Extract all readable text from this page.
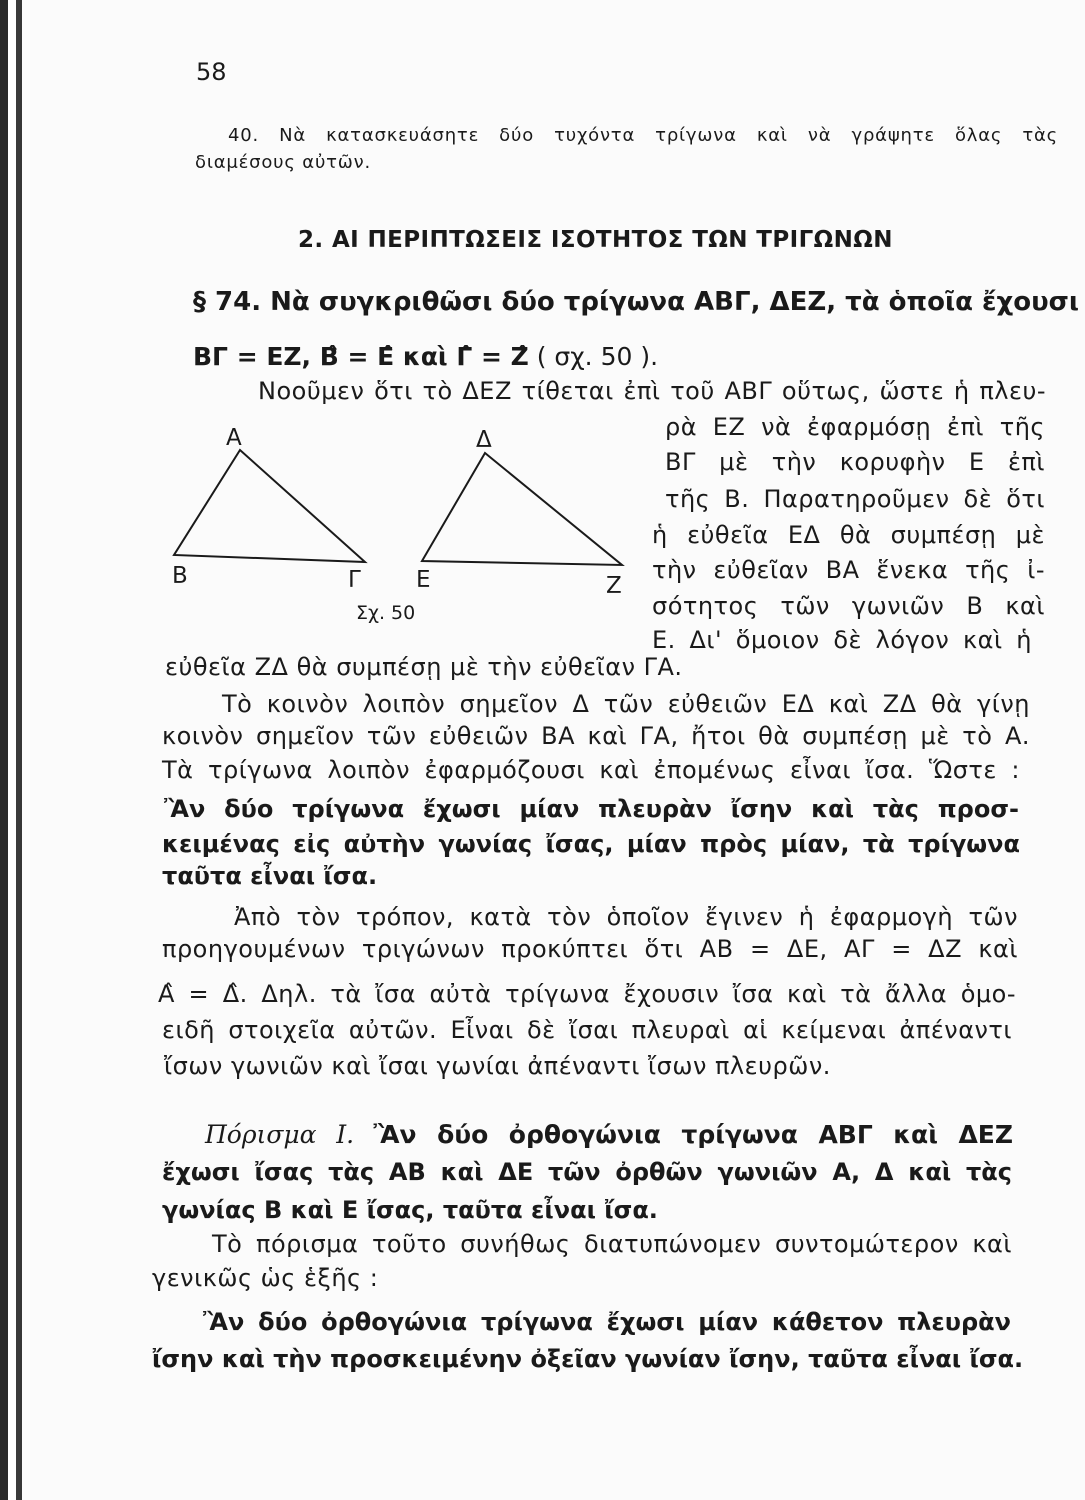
58
40. Νὰ κατασκευάσητε δύο τυχόντα τρίγωνα καὶ νὰ γράψητε ὅλας τὰς
διαμέσους αὐτῶν.
2. ΑΙ ΠΕΡΙΠΤΩΣΕΙΣ ΙΣΟΤΗΤΟΣ ΤΩΝ ΤΡΙΓΩΝΩΝ
§ 74. Νὰ συγκριθῶσι δύο τρίγωνα ΑΒΓ, ΔΕΖ, τὰ ὁποῖα ἔχουσι
ΒΓ = ΕΖ, Β̂ = Ε̂ καὶ Γ̂ = Ζ̂ ( σχ. 50 ).
Νοοῦμεν ὅτι τὸ ΔΕΖ τίθεται ἐπὶ τοῦ ΑΒΓ οὕτως, ὥστε ἡ πλευ-
ρὰ ΕΖ νὰ ἐφαρμόσῃ ἐπὶ τῆς
ΒΓ μὲ τὴν κορυφὴν Ε ἐπὶ
τῆς Β. Παρατηροῦμεν δὲ ὅτι
ἡ εὐθεῖα ΕΔ θὰ συμπέσῃ μὲ
τὴν εὐθεῖαν ΒΑ ἕνεκα τῆς ἰ-
σότητος τῶν γωνιῶν Β καὶ
Ε. Δι' ὅμοιον δὲ λόγον καὶ ἡ
εὐθεῖα ΖΔ θὰ συμπέσῃ μὲ τὴν εὐθεῖαν ΓΑ.
Α
Β	Γ
Δ
Ε	Ζ
Σχ. 50
Τὸ κοινὸν λοιπὸν σημεῖον Δ τῶν εὐθειῶν ΕΔ καὶ ΖΔ θὰ γίνῃ
κοινὸν σημεῖον τῶν εὐθειῶν ΒΑ καὶ ΓΑ, ἤτοι θὰ συμπέσῃ μὲ τὸ Α.
Τὰ τρίγωνα λοιπὸν ἐφαρμόζουσι καὶ ἐπομένως εἶναι ἴσα. Ὥστε :
Ἂν δύο τρίγωνα ἔχωσι μίαν πλευρὰν ἴσην καὶ τὰς προσ-
κειμένας εἰς αὐτὴν γωνίας ἴσας, μίαν πρὸς μίαν, τὰ τρίγωνα
ταῦτα εἶναι ἴσα.
Ἀπὸ τὸν τρόπον, κατὰ τὸν ὁποῖον ἔγινεν ἡ ἐφαρμογὴ τῶν
προηγουμένων τριγώνων προκύπτει ὅτι ΑΒ = ΔΕ, ΑΓ = ΔΖ καὶ
Α̂ = Δ̂. Δηλ. τὰ ἴσα αὐτὰ τρίγωνα ἔχουσιν ἴσα καὶ τὰ ἄλλα ὁμο-
ειδῆ στοιχεῖα αὐτῶν. Εἶναι δὲ ἴσαι πλευραὶ αἱ κείμεναι ἀπέναντι
ἴσων γωνιῶν καὶ ἴσαι γωνίαι ἀπέναντι ἴσων πλευρῶν.
Πόρισμα Ι. Ἂν δύο ὀρθογώνια τρίγωνα ΑΒΓ καὶ ΔΕΖ
ἔχωσι ἴσας τὰς ΑΒ καὶ ΔΕ τῶν ὀρθῶν γωνιῶν Α, Δ καὶ τὰς
γωνίας Β καὶ Ε ἴσας, ταῦτα εἶναι ἴσα.
Τὸ πόρισμα τοῦτο συνήθως διατυπώνομεν συντομώτερον καὶ
γενικῶς ὡς ἑξῆς :
Ἂν δύο ὀρθογώνια τρίγωνα ἔχωσι μίαν κάθετον πλευρὰν
ἴσην καὶ τὴν προσκειμένην ὀξεῖαν γωνίαν ἴσην, ταῦτα εἶναι ἴσα.
